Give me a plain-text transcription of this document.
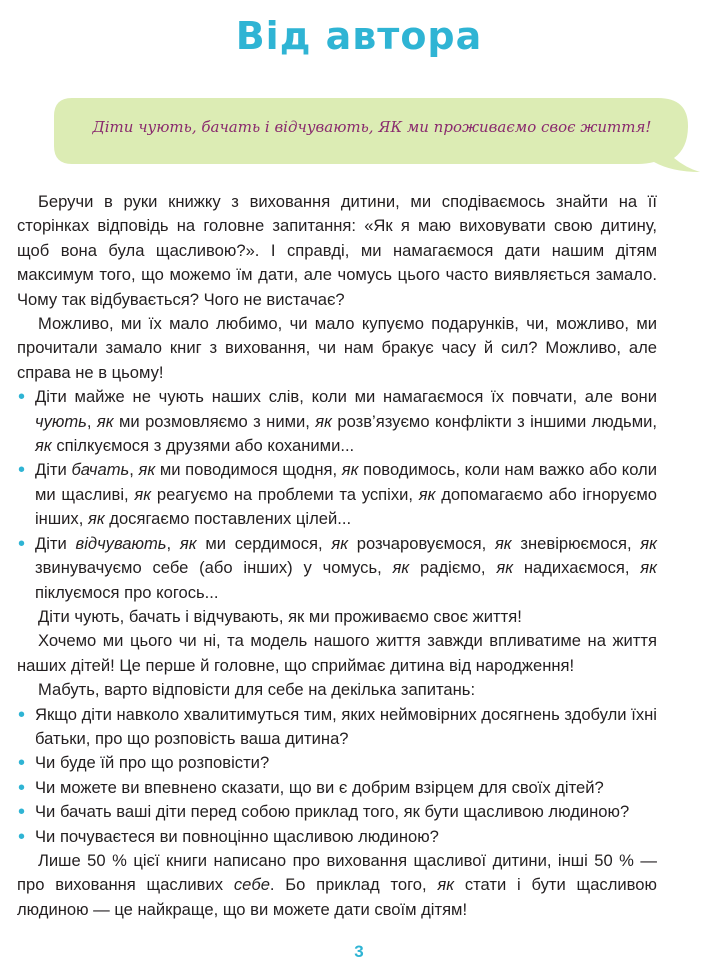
Від автора
Діти чують, бачать і відчувають, ЯК ми проживаємо своє життя!

Беручи в руки книжку з виховання дитини, ми сподіваємось знайти на її сторінках відповідь на головне запитання: «Як я маю виховувати свою дитину, щоб вона була щасливою?». І справді, ми намагаємося дати нашим дітям максимум того, що можемо їм дати, але чомусь цього часто виявляється замало. Чому так відбувається? Чого не вистачає?

Можливо, ми їх мало любимо, чи мало купуємо подарунків, чи, можливо, ми прочитали замало книг з виховання, чи нам бракує часу й сил? Можливо, але справа не в цьому!

• Діти майже не чують наших слів, коли ми намагаємося їх повчати, але вони чують, як ми розмовляємо з ними, як розв’язуємо конфлікти з іншими людьми, як спілкуємося з друзями або коханими...
• Діти бачать, як ми поводимося щодня, як поводимось, коли нам важко або коли ми щасливі, як реагуємо на проблеми та успіхи, як допомагаємо або ігноруємо інших, як досягаємо поставлених цілей...
• Діти відчувають, як ми сердимося, як розчаровуємося, як зневірюємося, як звинувачуємо себе (або інших) у чомусь, як радіємо, як надихаємося, як піклуємося про когось...

Діти чують, бачать і відчувають, як ми проживаємо своє життя!

Хочемо ми цього чи ні, та модель нашого життя завжди впливатиме на життя наших дітей! Це перше й головне, що сприймає дитина від народження!

Мабуть, варто відповісти для себе на декілька запитань:

• Якщо діти навколо хвалитимуться тим, яких неймовірних досягнень здобули їхні батьки, про що розповість ваша дитина?
• Чи буде їй про що розповісти?
• Чи можете ви впевнено сказати, що ви є добрим взірцем для своїх дітей?
• Чи бачать ваші діти перед собою приклад того, як бути щасливою людиною?
• Чи почуваєтеся ви повноцінно щасливою людиною?

Лише 50 % цієї книги написано про виховання щасливої дитини, інші 50 % — про виховання щасливих себе. Бо приклад того, як стати і бути щасливою людиною — це найкраще, що ви можете дати своїм дітям!

3
